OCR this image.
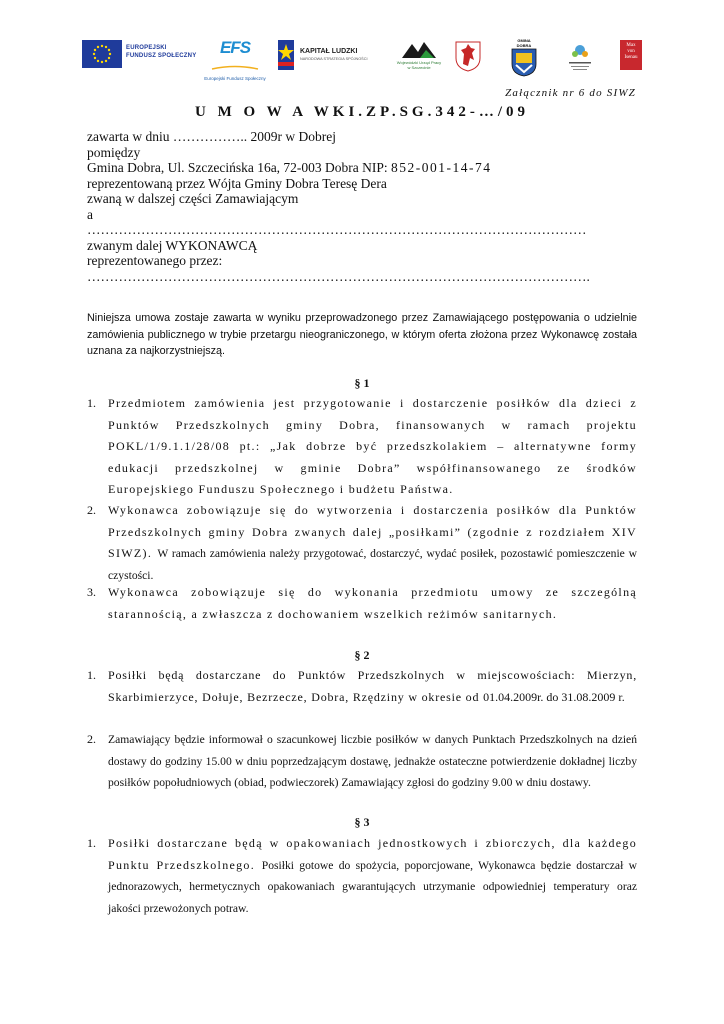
EUROPEJSKI
FUNDUSZ SPOŁECZNY	EFS
Europejski Fundusz Społeczny
KAPITAŁ LUDZKI
NARODOWA STRATEGIA SPÓJNOŚCI
Wojewódzki Urząd Pracy
w Szczecinie
GMINA DOBRA	Max
von
Isenau
Załącznik nr 6 do SIWZ
U M O W A WKI.ZP.SG.342-…/09
zawarta w dniu …………….. 2009r w Dobrej
pomiędzy
Gmina Dobra, Ul. Szczecińska 16a, 72-003 Dobra NIP: 852-001-14-74
reprezentowaną przez Wójta Gminy Dobra Teresę Dera
zwaną w dalszej części Zamawiającym
a
…………………………………………………………………………………………………
zwanym dalej WYKONAWCĄ
reprezentowanego przez:
………………………………………………………………………………………………….
Niniejsza umowa zostaje zawarta w wyniku przeprowadzonego przez Zamawiającego postępowania o udzielnie zamówienia publicznego w trybie przetargu nieograniczonego, w którym oferta złożona przez Wykonawcę została uznana za najkorzystniejszą.
§ 1
1.	Przedmiotem zamówienia jest przygotowanie i dostarczenie posiłków dla dzieci z Punktów Przedszkolnych gminy Dobra, finansowanych w ramach projektu POKL/1/9.1.1/28/08 pt.: „Jak dobrze być przedszkolakiem – alternatywne formy edukacji przedszkolnej w gminie Dobra” współfinansowanego ze środków Europejskiego Funduszu Społecznego i budżetu Państwa.
2.	Wykonawca zobowiązuje się do wytworzenia i dostarczenia posiłków dla Punktów Przedszkolnych gminy Dobra zwanych dalej „posiłkami” (zgodnie z rozdziałem XIV SIWZ). W ramach zamówienia należy przygotować, dostarczyć, wydać posiłek, pozostawić pomieszczenie w czystości.
3.	Wykonawca zobowiązuje się do wykonania przedmiotu umowy ze szczególną starannością, a zwłaszcza z dochowaniem wszelkich reżimów sanitarnych.
§ 2
1.	Posiłki będą dostarczane do Punktów Przedszkolnych w miejscowościach: Mierzyn, Skarbimierzyce, Dołuje, Bezrzecze, Dobra, Rzędziny w okresie od 01.04.2009r. do 31.08.2009 r.
2.	Zamawiający będzie informował o szacunkowej liczbie posiłków w danych Punktach Przedszkolnych na dzień dostawy do godziny 15.00 w dniu poprzedzającym dostawę, jednakże ostateczne potwierdzenie dokładnej liczby posiłków popołudniowych (obiad, podwieczorek) Zamawiający zgłosi do godziny 9.00 w dniu dostawy.
§ 3
1.	Posiłki dostarczane będą w opakowaniach jednostkowych i zbiorczych, dla każdego Punktu Przedszkolnego. Posiłki gotowe do spożycia, poporcjowane, Wykonawca będzie dostarczał w jednorazowych, hermetycznych opakowaniach gwarantujących utrzymanie odpowiedniej temperatury oraz jakości przewożonych potraw.
